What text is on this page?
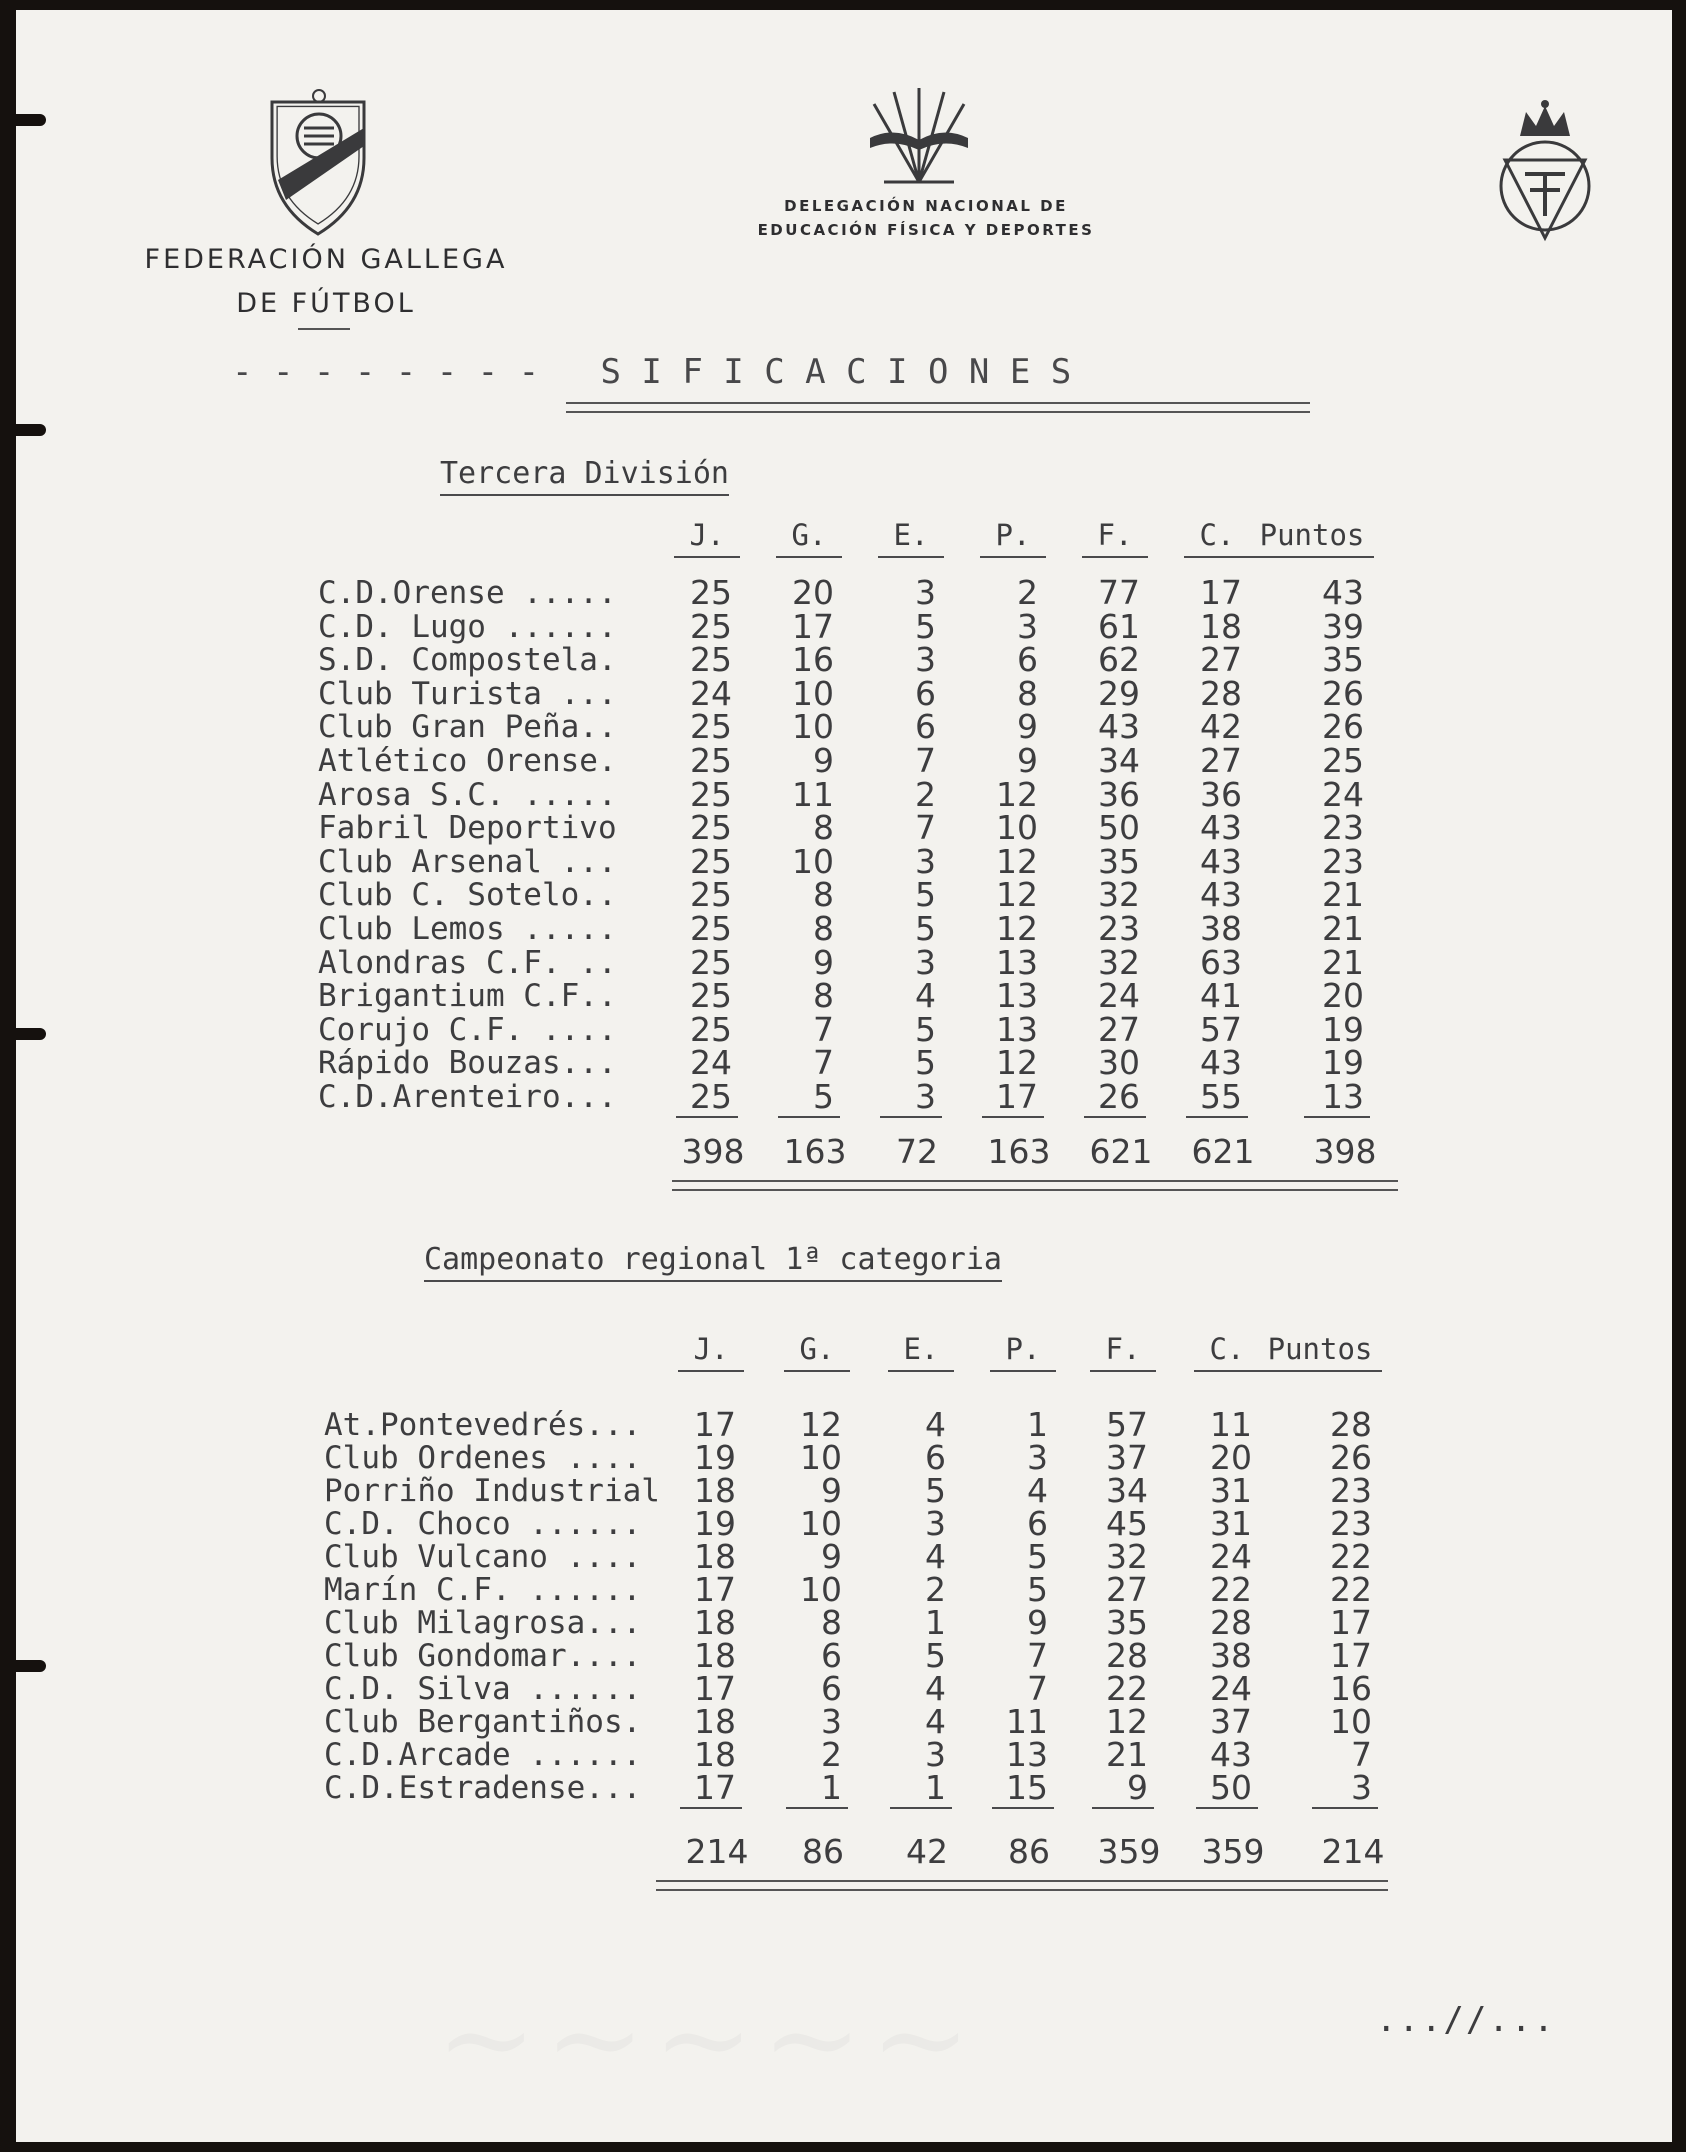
FEDERACIÓN GALLEGA
DE FÚTBOL
DELEGACIÓN NACIONAL DE
EDUCACIÓN FÍSICA Y DEPORTES
- - - - - - - -   S I F I C A C I O N E S
Tercera División
J.	G.	E.	P.	F.	C. Puntos
C.D.Orense .....	25	20	3	2	77	17	43
C.D. Lugo ......	25	17	5	3	61	18	39
S.D. Compostela.	25	16	3	6	62	27	35
Club Turista ...	24	10	6	8	29	28	26
Club Gran Peña..	25	10	6	9	43	42	26
Atlético Orense.	25	9	7	9	34	27	25
Arosa S.C. .....	25	11	2	12	36	36	24
Fabril Deportivo	25	8	7	10	50	43	23
Club Arsenal ...	25	10	3	12	35	43	23
Club C. Sotelo..	25	8	5	12	32	43	21
Club Lemos .....	25	8	5	12	23	38	21
Alondras C.F. ..	25	9	3	13	32	63	21
Brigantium C.F..	25	8	4	13	24	41	20
Corujo C.F. ....	25	7	5	13	27	57	19
Rápido Bouzas...	24	7	5	12	30	43	19
C.D.Arenteiro...	25	5	3	17	26	55	13
398	163	72	163	621	621	398
Campeonato regional 1ª categoria
J.	G.	E.	P.	F.	C. Puntos
At.Pontevedrés...	17	12	4	1	57	11	28
Club Ordenes ....	19	10	6	3	37	20	26
Porriño Industrial	18	9	5	4	34	31	23
C.D. Choco ......	19	10	3	6	45	31	23
Club Vulcano ....	18	9	4	5	32	24	22
Marín C.F. ......	17	10	2	5	27	22	22
Club Milagrosa...	18	8	1	9	35	28	17
Club Gondomar....	18	6	5	7	28	38	17
C.D. Silva ......	17	6	4	7	22	24	16
Club Bergantiños.	18	3	4	11	12	37	10
C.D.Arcade ......	18	2	3	13	21	43	7
C.D.Estradense...	17	1	1	15	9	50	3
214	86	42	86	359	359	214
~~~~~	...//...
